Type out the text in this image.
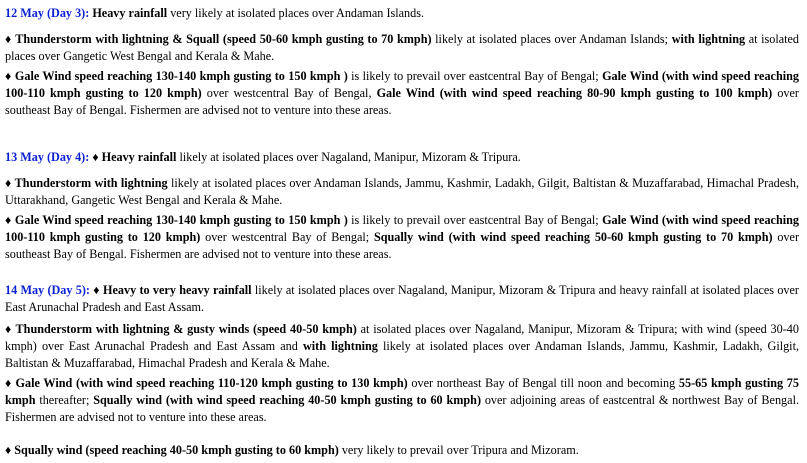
12 May (Day 3): Heavy rainfall very likely at isolated places over Andaman Islands.

♦ Thunderstorm with lightning & Squall (speed 50-60 kmph gusting to 70 kmph) likely at isolated places over Andaman Islands; with lightning at isolated places over Gangetic West Bengal and Kerala & Mahe.

♦ Gale Wind speed reaching 130-140 kmph gusting to 150 kmph ) is likely to prevail over eastcentral Bay of Bengal; Gale Wind (with wind speed reaching 100-110 kmph gusting to 120 kmph) over westcentral Bay of Bengal, Gale Wind (with wind speed reaching 80-90 kmph gusting to 100 kmph) over southeast Bay of Bengal. Fishermen are advised not to venture into these areas.

13 May (Day 4): ♦ Heavy rainfall likely at isolated places over Nagaland, Manipur, Mizoram & Tripura.

♦ Thunderstorm with lightning likely at isolated places over Andaman Islands, Jammu, Kashmir, Ladakh, Gilgit, Baltistan & Muzaffarabad, Himachal Pradesh, Uttarakhand, Gangetic West Bengal and Kerala & Mahe.

♦ Gale Wind speed reaching 130-140 kmph gusting to 150 kmph ) is likely to prevail over eastcentral Bay of Bengal; Gale Wind (with wind speed reaching 100-110 kmph gusting to 120 kmph) over westcentral Bay of Bengal; Squally wind (with wind speed reaching 50-60 kmph gusting to 70 kmph) over southeast Bay of Bengal. Fishermen are advised not to venture into these areas.

14 May (Day 5): ♦ Heavy to very heavy rainfall likely at isolated places over Nagaland, Manipur, Mizoram & Tripura and heavy rainfall at isolated places over East Arunachal Pradesh and East Assam.

♦ Thunderstorm with lightning & gusty winds (speed 40-50 kmph) at isolated places over Nagaland, Manipur, Mizoram & Tripura; with wind (speed 30-40 kmph) over East Arunachal Pradesh and East Assam and with lightning likely at isolated places over Andaman Islands, Jammu, Kashmir, Ladakh, Gilgit, Baltistan & Muzaffarabad, Himachal Pradesh and Kerala & Mahe.

♦ Gale Wind (with wind speed reaching 110-120 kmph gusting to 130 kmph) over northeast Bay of Bengal till noon and becoming 55-65 kmph gusting 75 kmph thereafter; Squally wind (with wind speed reaching 40-50 kmph gusting to 60 kmph) over adjoining areas of eastcentral & northwest Bay of Bengal. Fishermen are advised not to venture into these areas.

♦ Squally wind (speed reaching 40-50 kmph gusting to 60 kmph) very likely to prevail over Tripura and Mizoram.
